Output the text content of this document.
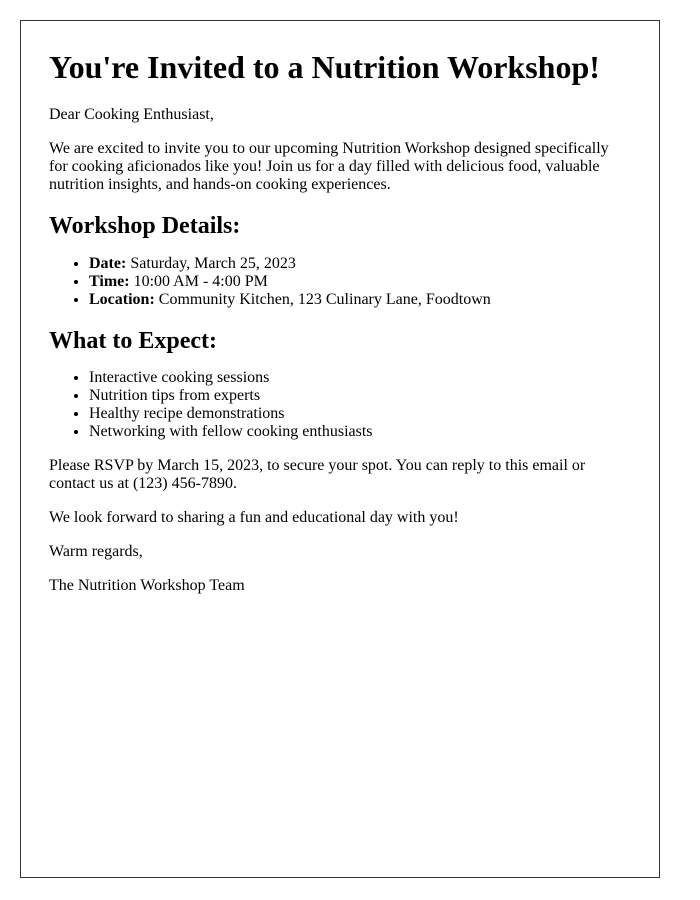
You're Invited to a Nutrition Workshop!

Dear Cooking Enthusiast,

We are excited to invite you to our upcoming Nutrition Workshop designed specifically for cooking aficionados like you! Join us for a day filled with delicious food, valuable nutrition insights, and hands-on cooking experiences.

Workshop Details:
• Date: Saturday, March 25, 2023
• Time: 10:00 AM - 4:00 PM
• Location: Community Kitchen, 123 Culinary Lane, Foodtown
What to Expect:
• Interactive cooking sessions
• Nutrition tips from experts
• Healthy recipe demonstrations
• Networking with fellow cooking enthusiasts

Please RSVP by March 15, 2023, to secure your spot. You can reply to this email or contact us at (123) 456-7890.

We look forward to sharing a fun and educational day with you!

Warm regards,

The Nutrition Workshop Team
